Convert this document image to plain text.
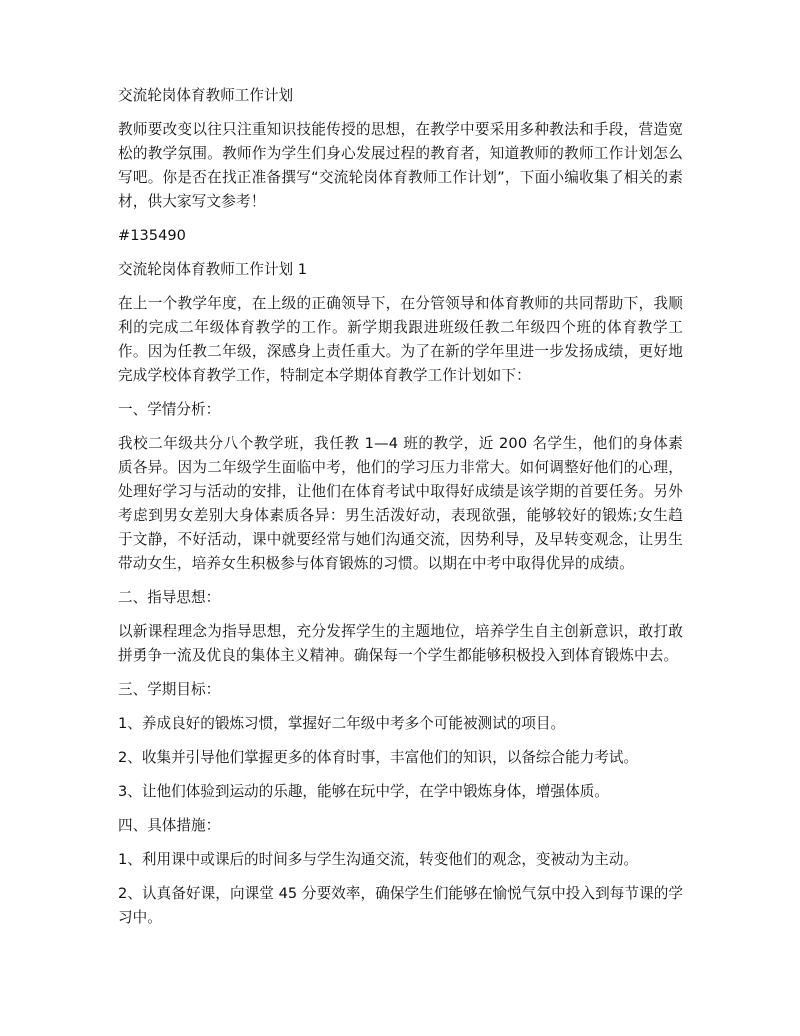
交流轮岗体育教师工作计划
教师要改变以往只注重知识技能传授的思想，在教学中要采用多种教法和手段，营造宽松的教学氛围。教师作为学生们身心发展过程的教育者，知道教师的教师工作计划怎么写吧。你是否在找正准备撰写“交流轮岗体育教师工作计划”，下面小编收集了相关的素材，供大家写文参考！
#135490
交流轮岗体育教师工作计划 1
在上一个教学年度，在上级的正确领导下，在分管领导和体育教师的共同帮助下，我顺利的完成二年级体育教学的工作。新学期我跟进班级任教二年级四个班的体育教学工作。因为任教二年级，深感身上责任重大。为了在新的学年里进一步发扬成绩，更好地完成学校体育教学工作，特制定本学期体育教学工作计划如下：
一、学情分析：
我校二年级共分八个教学班，我任教 1—4 班的教学，近 200 名学生，他们的身体素质各异。因为二年级学生面临中考，他们的学习压力非常大。如何调整好他们的心理，处理好学习与活动的安排，让他们在体育考试中取得好成绩是该学期的首要任务。另外考虑到男女差别大身体素质各异：男生活泼好动，表现欲强，能够较好的锻炼;女生趋于文静，不好活动，课中就要经常与她们沟通交流，因势利导，及早转变观念，让男生带动女生，培养女生积极参与体育锻炼的习惯。以期在中考中取得优异的成绩。
二、指导思想：
以新课程理念为指导思想，充分发挥学生的主题地位，培养学生自主创新意识，敢打敢拼勇争一流及优良的集体主义精神。确保每一个学生都能够积极投入到体育锻炼中去。
三、学期目标：
1、养成良好的锻炼习惯，掌握好二年级中考多个可能被测试的项目。
2、收集并引导他们掌握更多的体育时事，丰富他们的知识，以备综合能力考试。
3、让他们体验到运动的乐趣，能够在玩中学，在学中锻炼身体，增强体质。
四、具体措施：
1、利用课中或课后的时间多与学生沟通交流，转变他们的观念，变被动为主动。
2、认真备好课，向课堂 45 分要效率，确保学生们能够在愉悦气氛中投入到每节课的学习中。
